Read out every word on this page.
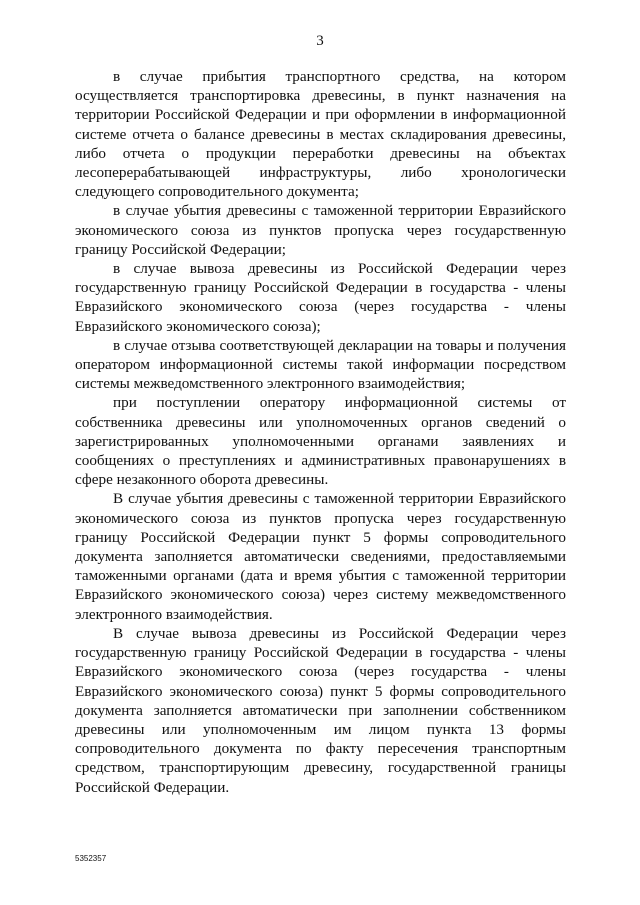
3

в случае прибытия транспортного средства, на котором осуществляется транспортировка древесины, в пункт назначения на территории Российской Федерации и при оформлении в информационной системе отчета о балансе древесины в местах складирования древесины, либо отчета о продукции переработки древесины на объектах лесоперерабатывающей инфраструктуры, либо хронологически следующего сопроводительного документа;

в случае убытия древесины с таможенной территории Евразийского экономического союза из пунктов пропуска через государственную границу Российской Федерации;

в случае вывоза древесины из Российской Федерации через государственную границу Российской Федерации в государства - члены Евразийского экономического союза (через государства - члены Евразийского экономического союза);

в случае отзыва соответствующей декларации на товары и получения оператором информационной системы такой информации посредством системы межведомственного электронного взаимодействия;

при поступлении оператору информационной системы от собственника древесины или уполномоченных органов сведений о зарегистрированных уполномоченными органами заявлениях и сообщениях о преступлениях и административных правонарушениях в сфере незаконного оборота древесины.

В случае убытия древесины с таможенной территории Евразийского экономического союза из пунктов пропуска через государственную границу Российской Федерации пункт 5 формы сопроводительного документа заполняется автоматически сведениями, предоставляемыми таможенными органами (дата и время убытия с таможенной территории Евразийского экономического союза) через систему межведомственного электронного взаимодействия.

В случае вывоза древесины из Российской Федерации через государственную границу Российской Федерации в государства - члены Евразийского экономического союза (через государства - члены Евразийского экономического союза) пункт 5 формы сопроводительного документа заполняется автоматически при заполнении собственником древесины или уполномоченным им лицом пункта 13 формы сопроводительного документа по факту пересечения транспортным средством, транспортирующим древесину, государственной границы Российской Федерации.

5352357
